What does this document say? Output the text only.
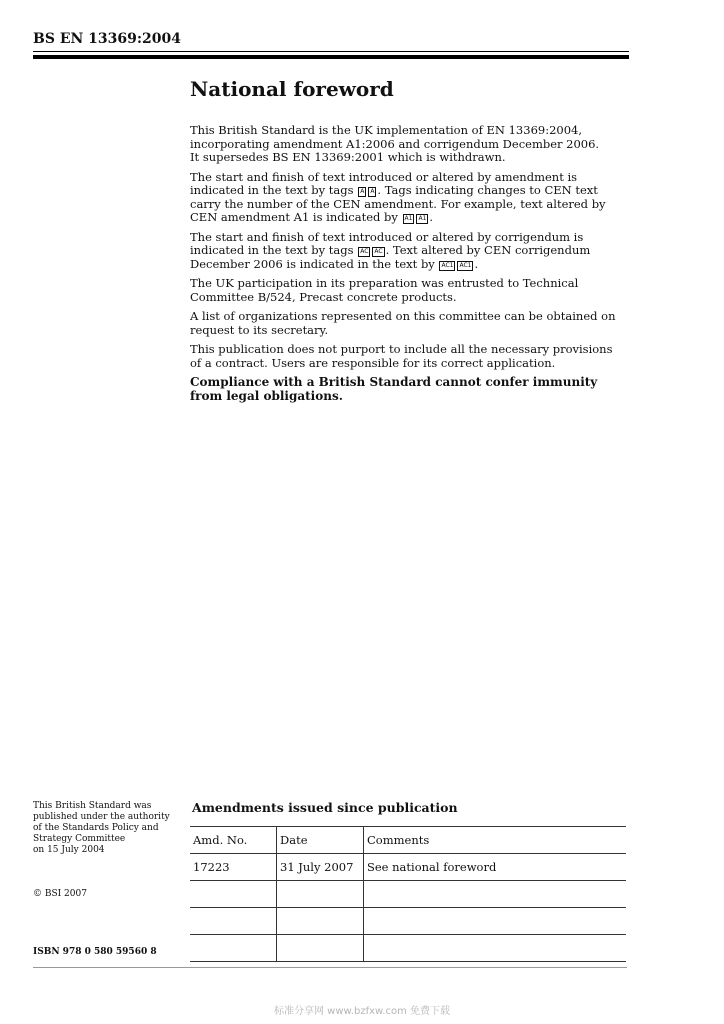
BS EN 13369:2004
National foreword

This British Standard is the UK implementation of EN 13369:2004,
incorporating amendment A1:2006 and corrigendum December 2006.
It supersedes BS EN 13369:2001 which is withdrawn.

The start and finish of text introduced or altered by amendment is indicated in the text by tags A A . Tags indicating changes to CEN text carry the number of the CEN amendment. For example, text altered by CEN amendment A1 is indicated by A1 A1 .

The start and finish of text introduced or altered by corrigendum is indicated in the text by tags AC AC . Text altered by CEN corrigendum December 2006 is indicated in the text by AC1 AC1 .

The UK participation in its preparation was entrusted to Technical Committee B/524, Precast concrete products.

A list of organizations represented on this committee can be obtained on request to its secretary.

This publication does not purport to include all the necessary provisions of a contract. Users are responsible for its correct application.

Compliance with a British Standard cannot confer immunity from legal obligations.

This British Standard was
published under the authority
of the Standards Policy and
Strategy Committee
on 15 July 2004
© BSI 2007
ISBN 978 0 580 59560 8
Amendments issued since publication
Amd. No.	Date	Comments
17223	31 July 2007	See national foreword

标准分享网 www.bzfxw.com 免费下载
